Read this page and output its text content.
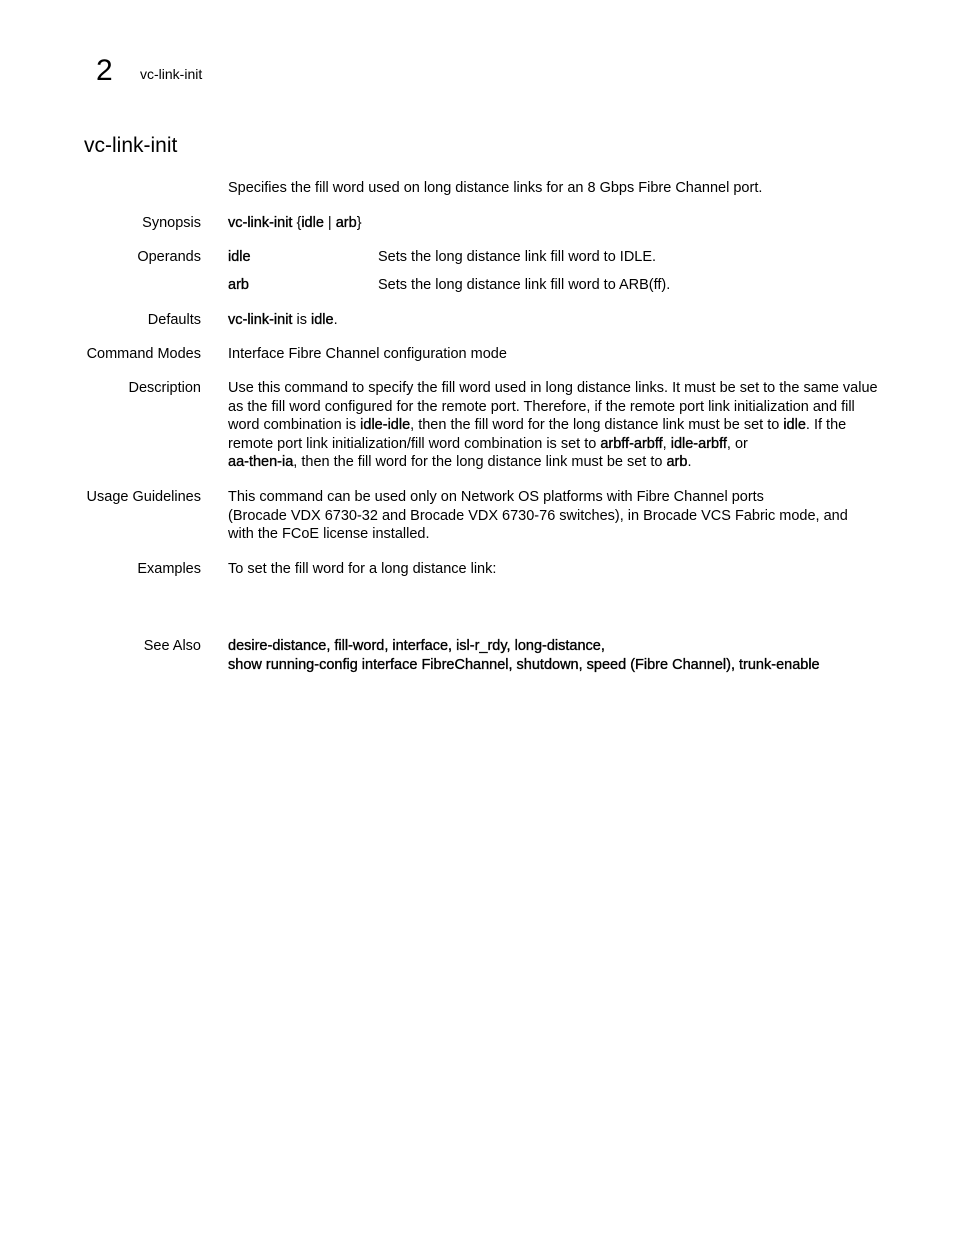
2 vc-link-init
vc-link-init
Specifies the fill word used on long distance links for an 8 Gbps Fibre Channel port.
Synopsis vc-link-init {idle | arb}
Operands idle	Sets the long distance link fill word to IDLE.
arb	Sets the long distance link fill word to ARB(ff).
Defaults vc-link-init is idle.
Command Modes Interface Fibre Channel configuration mode
Description Use this command to specify the fill word used in long distance links. It must be set to the same value as the fill word configured for the remote port. Therefore, if the remote port link initialization and fill word combination is idle-idle, then the fill word for the long distance link must be set to idle. If the remote port link initialization/fill word combination is set to arbff-arbff, idle-arbff, or
aa-then-ia, then the fill word for the long distance link must be set to arb.
Usage Guidelines This command can be used only on Network OS platforms with Fibre Channel ports
(Brocade VDX 6730-32 and Brocade VDX 6730-76 switches), in Brocade VCS Fabric mode, and
with the FCoE license installed.
Examples To set the fill word for a long distance link:
See Also desire-distance, fill-word, interface, isl-r_rdy, long-distance,
show running-config interface FibreChannel, shutdown, speed (Fibre Channel), trunk-enable
